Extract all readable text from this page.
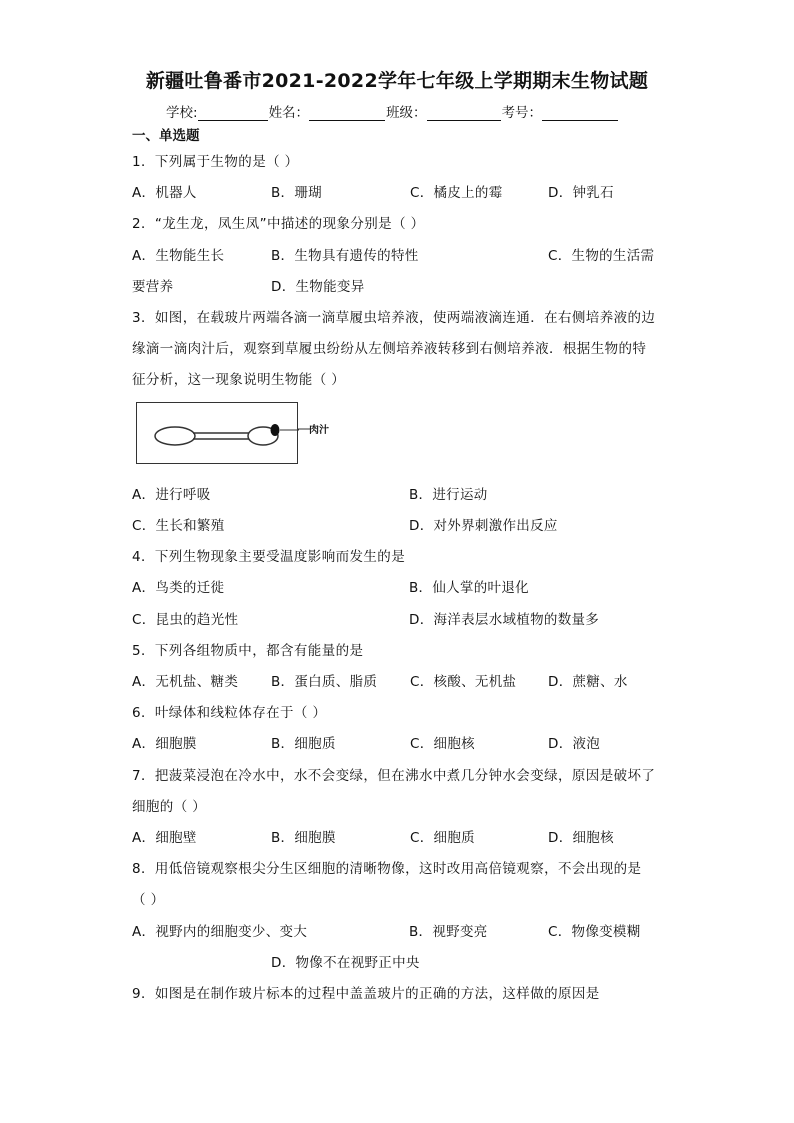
新疆吐鲁番市2021-2022学年七年级上学期期末生物试题
学校:	姓名：	班级：	考号：
一、单选题
1．下列属于生物的是（ ）
A．机器人	B．珊瑚	C．橘皮上的霉	D．钟乳石
2．“龙生龙，凤生凤”中描述的现象分别是（ ）
A．生物能生长	B．生物具有遗传的特性	C．生物的生活需
要营养	D．生物能变异
3．如图，在载玻片两端各滴一滴草履虫培养液，使两端液滴连通．在右侧培养液的边
缘滴一滴肉汁后，观察到草履虫纷纷从左侧培养液转移到右侧培养液．根据生物的特
征分析，这一现象说明生物能（ ）
肉汁
A．进行呼吸	B．进行运动
C．生长和繁殖	D．对外界刺激作出反应
4．下列生物现象主要受温度影响而发生的是
A．鸟类的迁徙	B．仙人掌的叶退化
C．昆虫的趋光性	D．海洋表层水域植物的数量多
5．下列各组物质中，都含有能量的是
A．无机盐、糖类 B．蛋白质、脂质 C．核酸、无机盐 D．蔗糖、水
6．叶绿体和线粒体存在于（ ）
A．细胞膜	B．细胞质	C．细胞核	D．液泡
7．把菠菜浸泡在冷水中，水不会变绿，但在沸水中煮几分钟水会变绿，原因是破坏了
细胞的（ ）
A．细胞壁	B．细胞膜	C．细胞质	D．细胞核
8．用低倍镜观察根尖分生区细胞的清晰物像，这时改用高倍镜观察，不会出现的是
（ ）
A．视野内的细胞变少、变大	B．视野变亮	C．物像变模糊
D．物像不在视野正中央
9．如图是在制作玻片标本的过程中盖盖玻片的正确的方法，这样做的原因是
